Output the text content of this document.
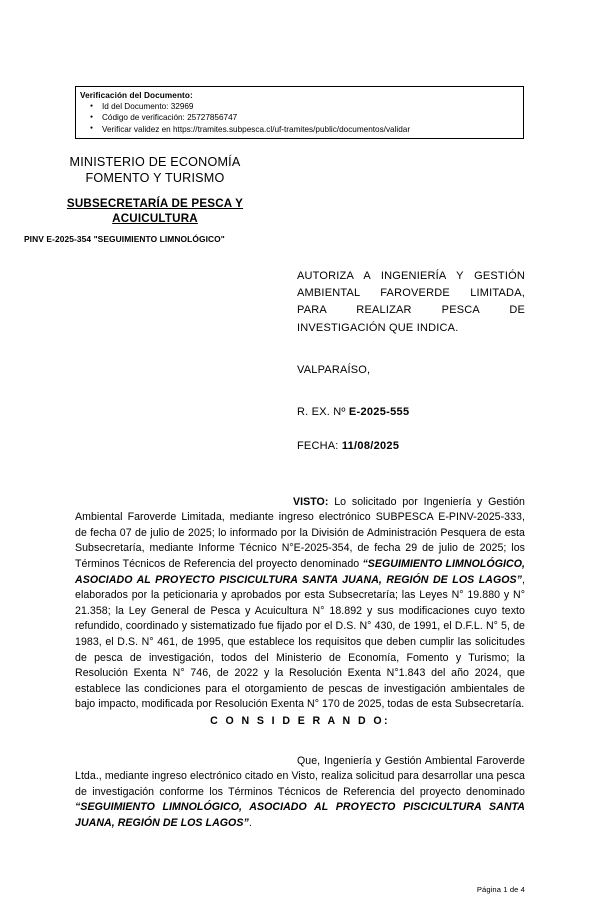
Verificación del Documento:
● Id del Documento: 32969
● Código de verificación: 25727856747
● Verificar validez en https://tramites.subpesca.cl/uf-tramites/public/documentos/validar
MINISTERIO DE ECONOMÍA
FOMENTO Y TURISMO
SUBSECRETARÍA DE PESCA Y
ACUICULTURA
PINV E-2025-354 "SEGUIMIENTO LIMNOLÓGICO"
AUTORIZA A INGENIERÍA Y GESTIÓN
AMBIENTAL FAROVERDE LIMITADA,
PARA REALIZAR PESCA DE
INVESTIGACIÓN QUE INDICA.
VALPARAÍSO,
R. EX. Nº E-2025-555
FECHA: 11/08/2025

VISTO: Lo solicitado por Ingeniería y Gestión Ambiental Faroverde Limitada, mediante ingreso electrónico SUBPESCA E-PINV-2025-333, de fecha 07 de julio de 2025; lo informado por la División de Administración Pesquera de esta Subsecretaría, mediante Informe Técnico N°E-2025-354, de fecha 29 de julio de 2025; los Términos Técnicos de Referencia del proyecto denominado “SEGUIMIENTO LIMNOLÓGICO, ASOCIADO AL PROYECTO PISCICULTURA SANTA JUANA, REGIÓN DE LOS LAGOS”, elaborados por la peticionaria y aprobados por esta Subsecretaría; las Leyes N° 19.880 y N° 21.358; la Ley General de Pesca y Acuicultura N° 18.892 y sus modificaciones cuyo texto refundido, coordinado y sistematizado fue fijado por el D.S. N° 430, de 1991, el D.F.L. N° 5, de 1983, el D.S. N° 461, de 1995, que establece los requisitos que deben cumplir las solicitudes de pesca de investigación, todos del Ministerio de Economía, Fomento y Turismo; la Resolución Exenta N° 746, de 2022 y la Resolución Exenta N°1.843 del año 2024, que establece las condiciones para el otorgamiento de pescas de investigación ambientales de bajo impacto, modificada por Resolución Exenta N° 170 de 2025, todas de esta Subsecretaría.

C O N S I D E R A N D O:

Que, Ingeniería y Gestión Ambiental Faroverde Ltda., mediante ingreso electrónico citado en Visto, realiza solicitud para desarrollar una pesca de investigación conforme los Términos Técnicos de Referencia del proyecto denominado “SEGUIMIENTO LIMNOLÓGICO, ASOCIADO AL PROYECTO PISCICULTURA SANTA JUANA, REGIÓN DE LOS LAGOS”.

Página 1 de 4
